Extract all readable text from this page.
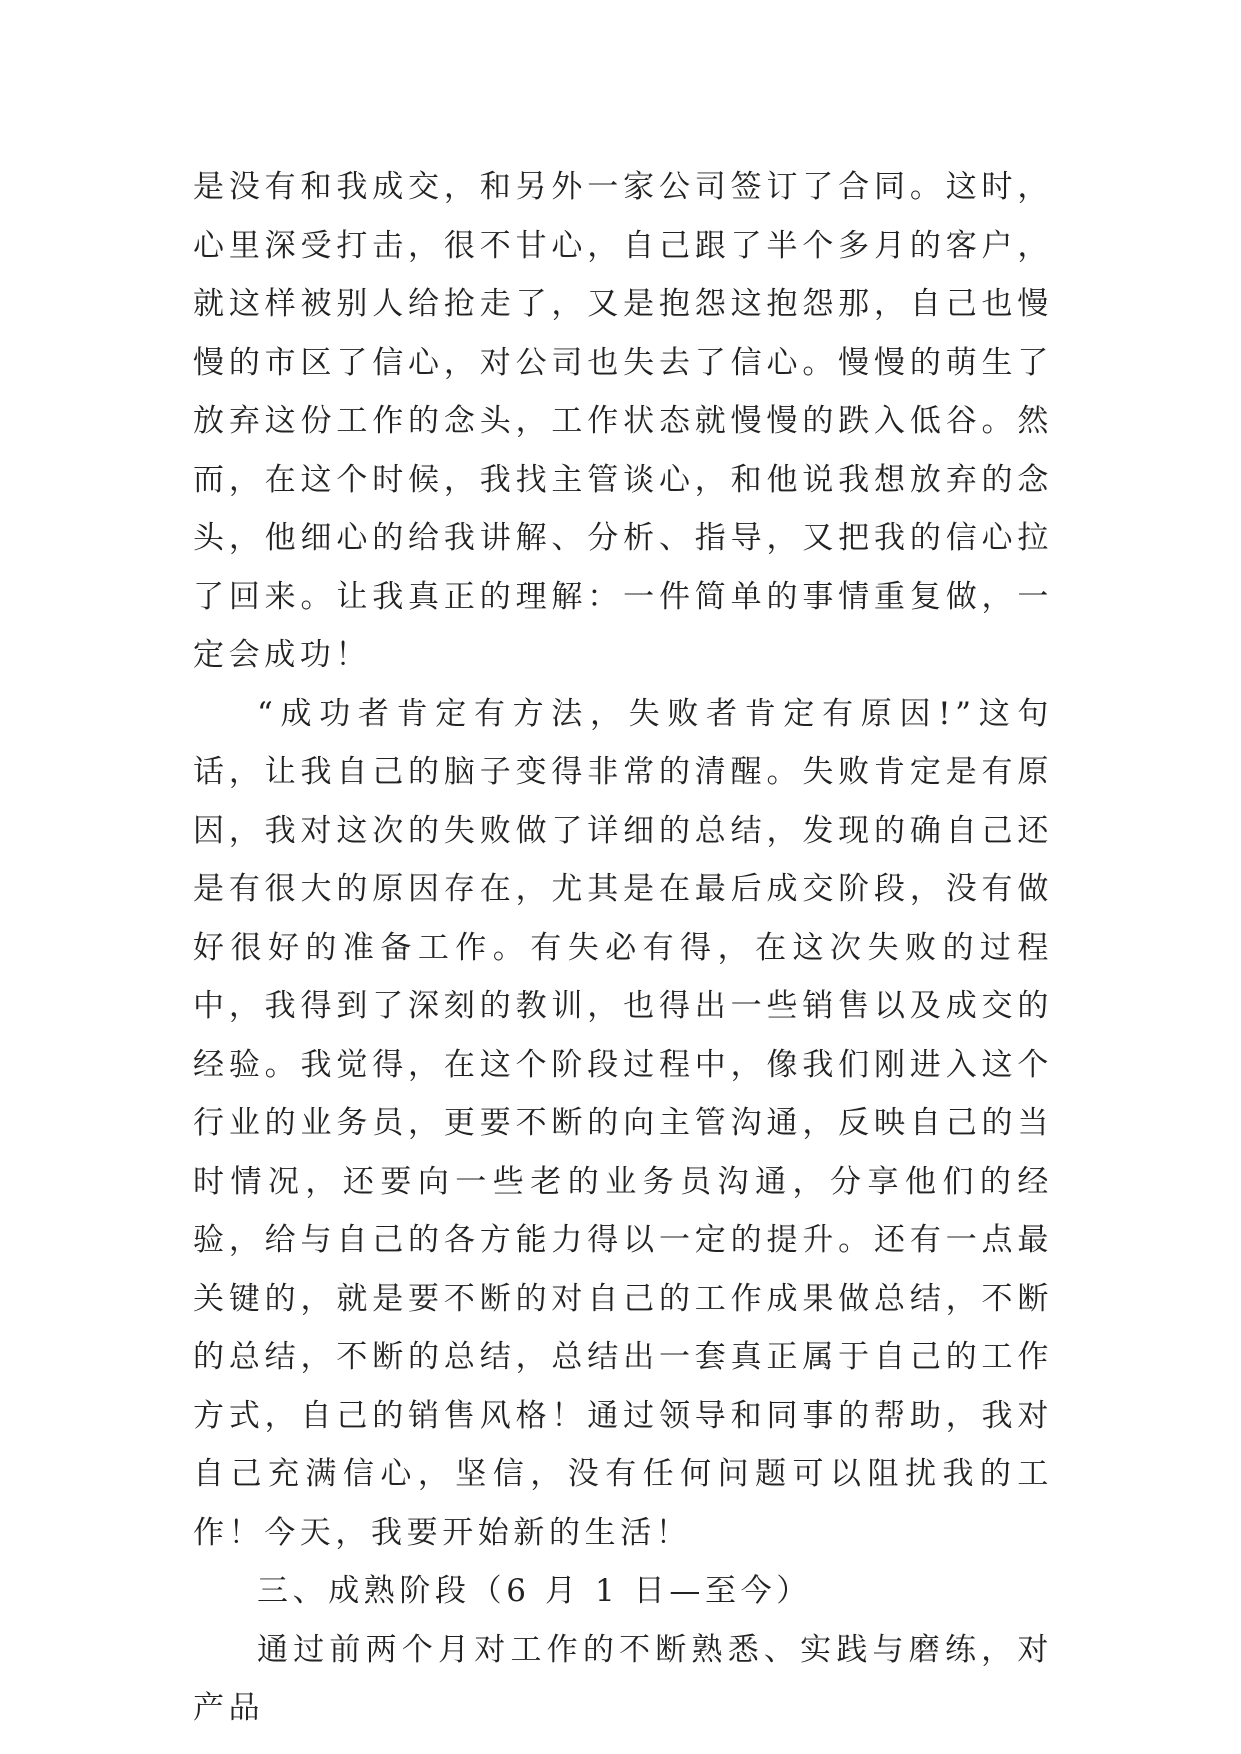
是没有和我成交，和另外一家公司签订了合同。这时，心里深受打击，很不甘心，自己跟了半个多月的客户，就这样被别人给抢走了，又是抱怨这抱怨那，自己也慢慢的市区了信心，对公司也失去了信心。慢慢的萌生了放弃这份工作的念头，工作状态就慢慢的跌入低谷。然而，在这个时候，我找主管谈心，和他说我想放弃的念头，他细心的给我讲解、分析、指导，又把我的信心拉了回来。让我真正的理解：一件简单的事情重复做，一定会成功！

“成功者肯定有方法，失败者肯定有原因!”这句话，让我自己的脑子变得非常的清醒。失败肯定是有原因，我对这次的失败做了详细的总结，发现的确自己还是有很大的原因存在，尤其是在最后成交阶段，没有做好很好的准备工作。有失必有得，在这次失败的过程中，我得到了深刻的教训，也得出一些销售以及成交的经验。我觉得，在这个阶段过程中，像我们刚进入这个行业的业务员，更要不断的向主管沟通，反映自己的当时情况，还要向一些老的业务员沟通，分享他们的经验，给与自己的各方能力得以一定的提升。还有一点最关键的，就是要不断的对自己的工作成果做总结，不断的总结，不断的总结，总结出一套真正属于自己的工作方式，自己的销售风格！通过领导和同事的帮助，我对自己充满信心，坚信，没有任何问题可以阻扰我的工作！今天，我要开始新的生活！

三、成熟阶段（6 月 1 日—至今）

通过前两个月对工作的不断熟悉、实践与磨练，对产品
